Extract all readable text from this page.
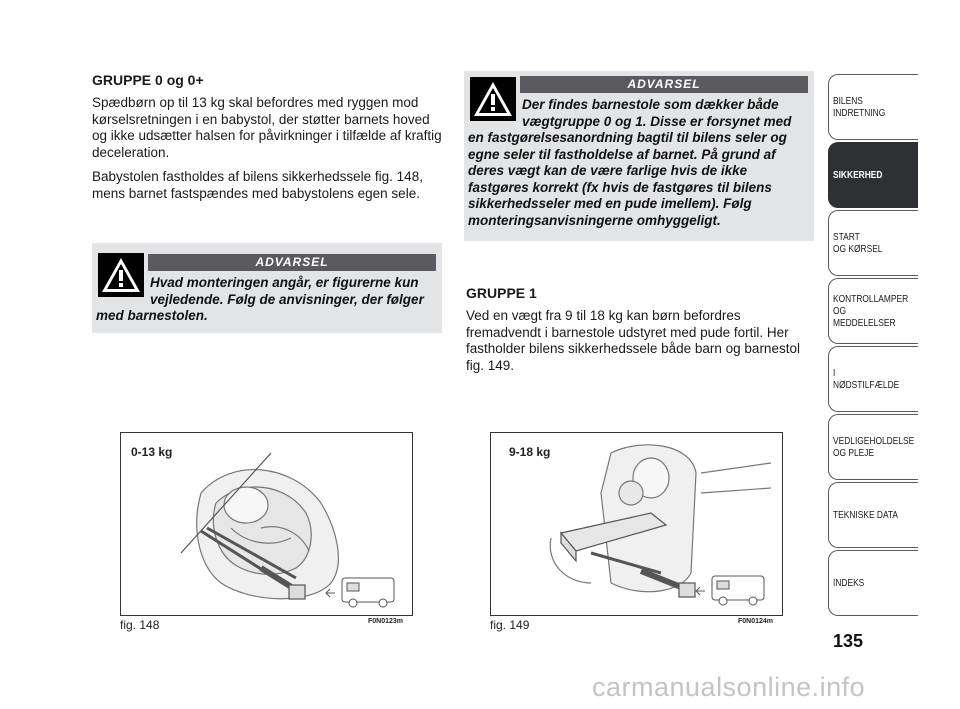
GRUPPE 0 og 0+

Spædbørn op til 13 kg skal befordres med ryggen mod kørselsretningen i en babystol, der støtter barnets hoved og ikke udsætter halsen for påvirkninger i tilfælde af kraftig deceleration.

Babystolen fastholdes af bilens sikkerhedssele fig. 148, mens barnet fastspændes med babystolens egen sele.

ADVARSEL
Hvad monteringen angår, er figurerne kun vejledende. Følg de anvisninger, der følger med barnestolen.
ADVARSEL
Der findes barnestole som dækker både vægtgruppe 0 og 1. Disse er forsynet med en fastgørelsesanordning bagtil til bilens seler og egne seler til fastholdelse af barnet. På grund af deres vægt kan de være farlige hvis de ikke fastgøres korrekt (fx hvis de fastgøres til bilens sikkerhedsseler med en pude imellem). Følg monteringsanvisningerne omhyggeligt.
GRUPPE 1

Ved en vægt fra 9 til 18 kg kan børn befordres fremadvendt i barnestole udstyret med pude fortil. Her fastholder bilens sikkerhedssele både barn og barnestol fig. 149.

0-13 kg
fig. 148	F0N0123m
9-18 kg
fig. 149	F0N0124m
BILENS
INDRETNING
SIKKERHED
START
OG KØRSEL
KONTROLLAMPER
OG MEDDELELSER
I NØDSTILFÆLDE
VEDLIGEHOLDELSE
OG PLEJE
TEKNISKE DATA
INDEKS
135
carmanualsonline.info
